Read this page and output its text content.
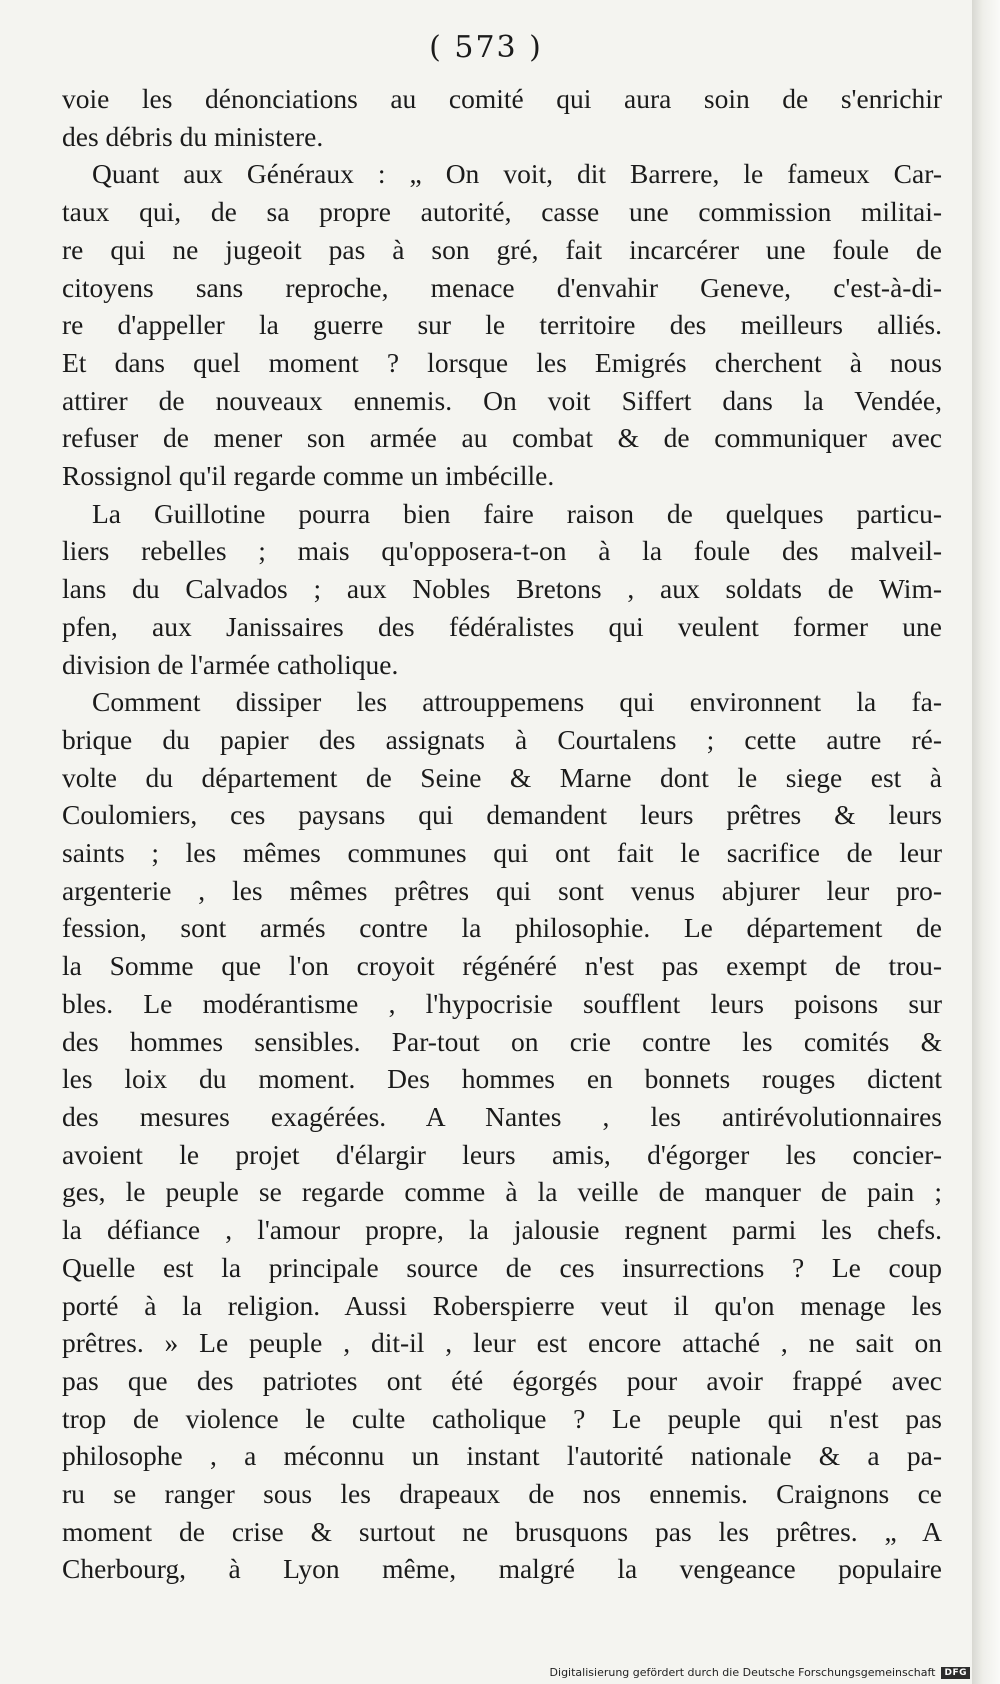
( 573 )
voie les dénonciations au comité qui aura soin de s'enrichir
des débris du ministere.
Quant aux Généraux : „ On voit, dit Barrere, le fameux Car-
taux qui, de sa propre autorité, casse une commission militai-
re qui ne jugeoit pas à son gré, fait incarcérer une foule de
citoyens sans reproche, menace d'envahir Geneve, c'est-à-di-
re d'appeller la guerre sur le territoire des meilleurs alliés.
Et dans quel moment ? lorsque les Emigrés cherchent à nous
attirer de nouveaux ennemis. On voit Siffert dans la Vendée,
refuser de mener son armée au combat & de communiquer avec
Rossignol qu'il regarde comme un imbécille.
La Guillotine pourra bien faire raison de quelques particu-
liers rebelles ; mais qu'opposera-t-on à la foule des malveil-
lans du Calvados ; aux Nobles Bretons , aux soldats de Wim-
pfen, aux Janissaires des fédéralistes qui veulent former une
division de l'armée catholique.
Comment dissiper les attrouppemens qui environnent la fa-
brique du papier des assignats à Courtalens ; cette autre ré-
volte du département de Seine & Marne dont le siege est à
Coulomiers, ces paysans qui demandent leurs prêtres & leurs
saints ; les mêmes communes qui ont fait le sacrifice de leur
argenterie , les mêmes prêtres qui sont venus abjurer leur pro-
fession, sont armés contre la philosophie. Le département de
la Somme que l'on croyoit régénéré n'est pas exempt de trou-
bles. Le modérantisme , l'hypocrisie soufflent leurs poisons sur
des hommes sensibles. Par-tout on crie contre les comités &
les loix du moment. Des hommes en bonnets rouges dictent
des mesures exagérées. A Nantes , les antirévolutionnaires
avoient le projet d'élargir leurs amis, d'égorger les concier-
ges, le peuple se regarde comme à la veille de manquer de pain ;
la défiance , l'amour propre, la jalousie regnent parmi les chefs.
Quelle est la principale source de ces insurrections ? Le coup
porté à la religion. Aussi Roberspierre veut il qu'on menage les
prêtres. » Le peuple , dit-il , leur est encore attaché , ne sait on
pas que des patriotes ont été égorgés pour avoir frappé avec
trop de violence le culte catholique ? Le peuple qui n'est pas
philosophe , a méconnu un instant l'autorité nationale & a pa-
ru se ranger sous les drapeaux de nos ennemis. Craignons ce
moment de crise & surtout ne brusquons pas les prêtres. „ A
Cherbourg, à Lyon même, malgré la vengeance populaire
Digitalisierung gefördert durch die Deutsche Forschungsgemeinschaft	DFG
